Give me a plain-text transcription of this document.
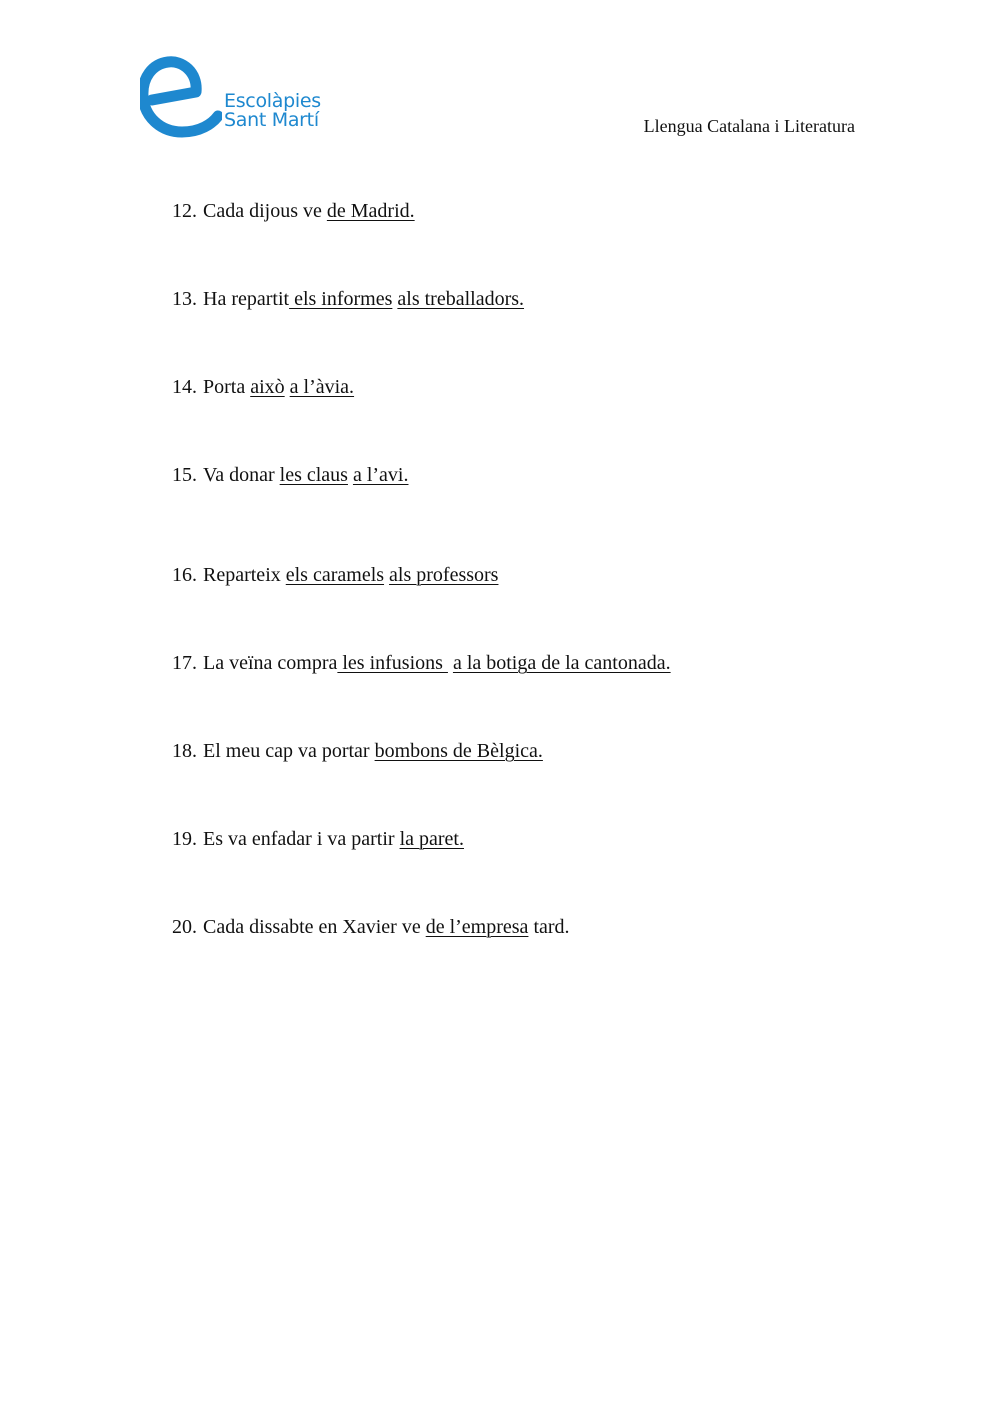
Escolàpies
Sant Martí	Llengua Catalana i Literatura
12. Cada dijous ve de Madrid.
13. Ha repartit els informes als treballadors.
14. Porta això a l’àvia.
15. Va donar les claus a l’avi.
16. Reparteix els caramels als professors
17. La veïna compra les infusions  a la botiga de la cantonada.
18. El meu cap va portar bombons de Bèlgica.
19. Es va enfadar i va partir la paret.
20. Cada dissabte en Xavier ve de l’empresa tard.
